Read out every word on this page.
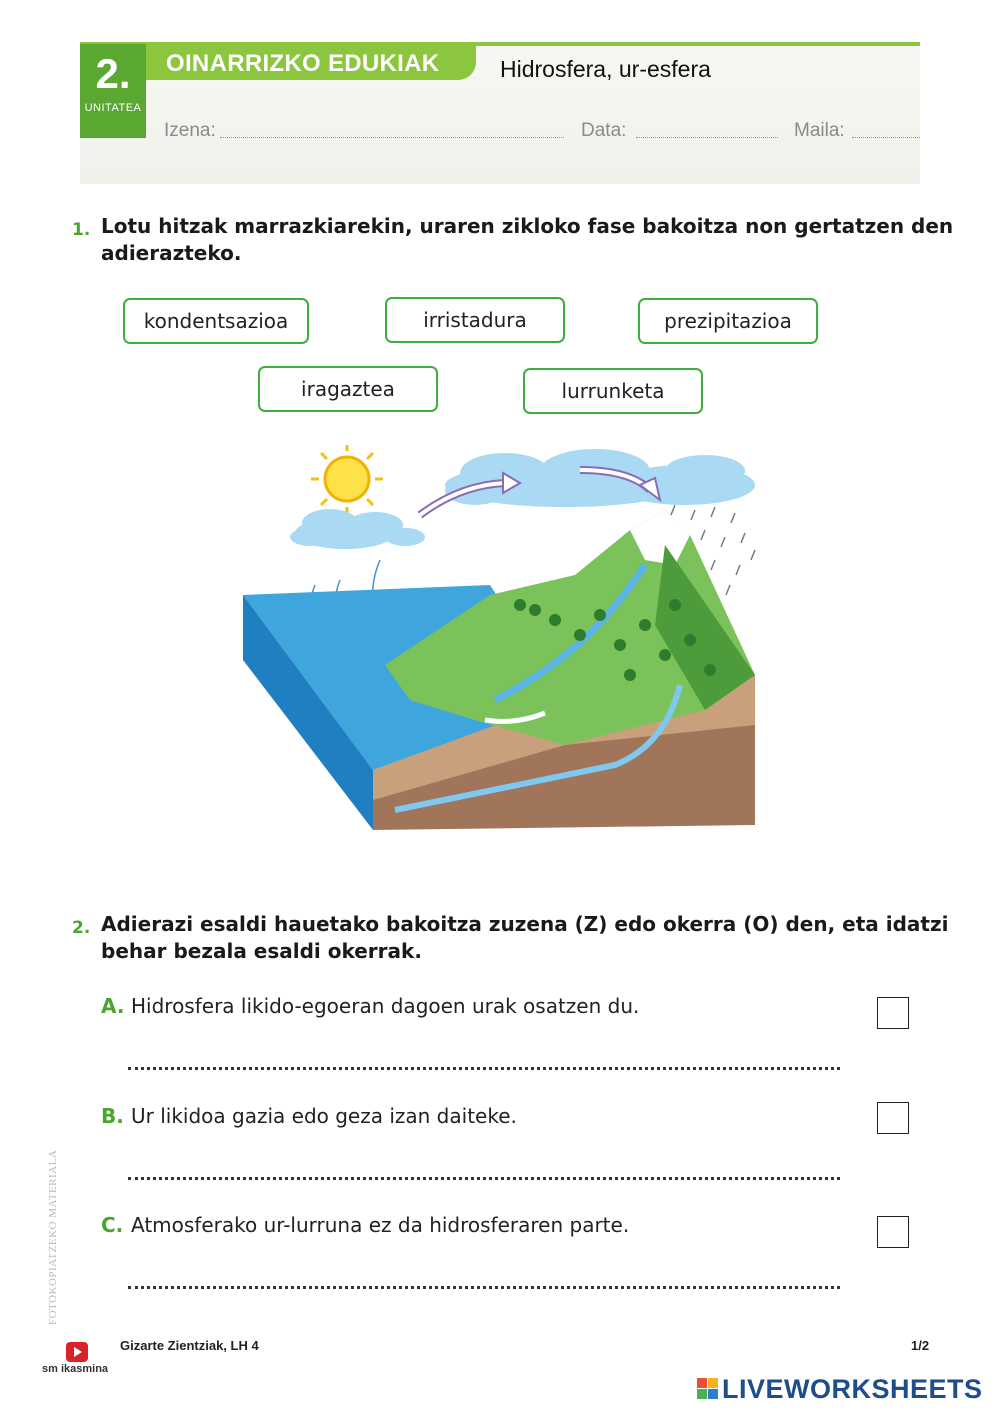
2.
UNITATEA
OINARRIZKO EDUKIAK	Hidrosfera, ur-esfera
Izena:	Data:	Maila:
1. Lotu hitzak marrazkiarekin, uraren zikloko fase bakoitza non gertatzen den
adierazteko.
kondentsazioa	irristadura	prezipitazioa
iragaztea	lurrunketa
2. Adierazi esaldi hauetako bakoitza zuzena (Z) edo okerra (O) den, eta idatzi
behar bezala esaldi okerrak.
A. Hidrosfera likido-egoeran dagoen urak osatzen du.
B. Ur likidoa gazia edo geza izan daiteke.
C. Atmosferako ur-lurruna ez da hidrosferaren parte.
FOTOKOPIATZEKO MATERIALA
Gizarte Zientziak, LH 4	1/2
sm ikasmina
LIVEWORKSHEETS
